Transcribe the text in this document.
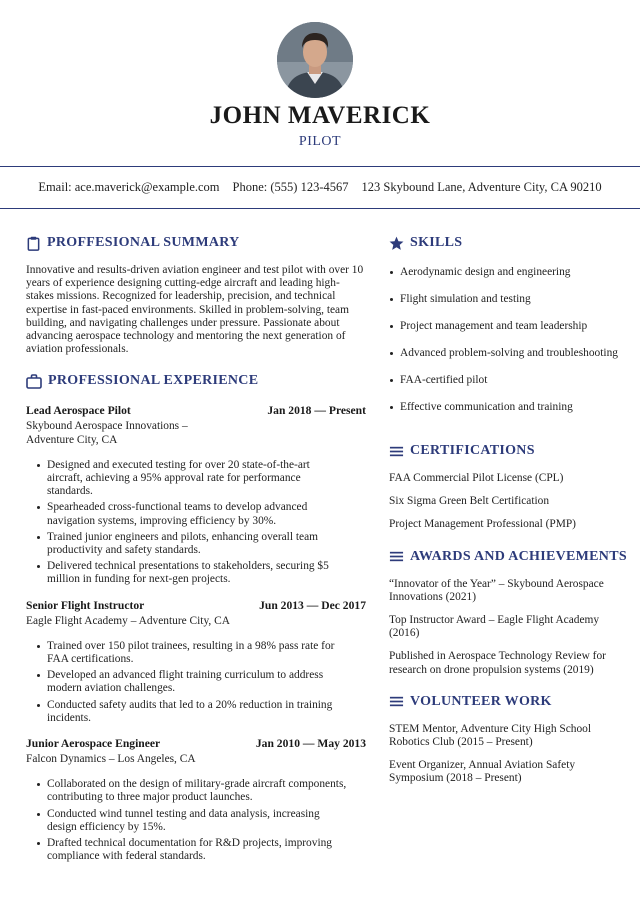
JOHN MAVERICK
PILOT
Email: ace.maverick@example.com Phone: (555) 123-4567 123 Skybound Lane, Adventure City, CA 90210
PROFFESIONAL SUMMARY

Innovative and results-driven aviation engineer and test pilot with over 10 years of experience designing cutting-edge aircraft and leading high-stakes missions. Recognized for leadership, precision, and technical expertise in fast-paced environments. Skilled in problem-solving, team building, and navigating challenges under pressure. Passionate about advancing aerospace technology and mentoring the next generation of aviation professionals.

PROFESSIONAL EXPERIENCE
Lead Aerospace Pilot	Jan 2018 — Present
Skybound Aerospace Innovations – Adventure City, CA
Designed and executed testing for over 20 state-of-the-art aircraft, achieving a 95% approval rate for performance standards.
Spearheaded cross-functional teams to develop advanced navigation systems, improving efficiency by 30%.
Trained junior engineers and pilots, enhancing overall team productivity and safety standards.
Delivered technical presentations to stakeholders, securing $5 million in funding for next-gen projects.
Senior Flight Instructor	Jun 2013 — Dec 2017
Eagle Flight Academy – Adventure City, CA
Trained over 150 pilot trainees, resulting in a 98% pass rate for FAA certifications.
Developed an advanced flight training curriculum to address modern aviation challenges.
Conducted safety audits that led to a 20% reduction in training incidents.
Junior Aerospace Engineer	Jan 2010 — May 2013
Falcon Dynamics – Los Angeles, CA
Collaborated on the design of military-grade aircraft components, contributing to three major product launches.
Conducted wind tunnel testing and data analysis, increasing design efficiency by 15%.
Drafted technical documentation for R&D projects, improving compliance with federal standards.
SKILLS
Aerodynamic design and engineering
Flight simulation and testing
Project management and team leadership
Advanced problem-solving and troubleshooting
FAA-certified pilot
Effective communication and training
CERTIFICATIONS
FAA Commercial Pilot License (CPL)
Six Sigma Green Belt Certification
Project Management Professional (PMP)
AWARDS AND ACHIEVEMENTS
“Innovator of the Year” – Skybound Aerospace Innovations (2021)
Top Instructor Award – Eagle Flight Academy (2016)
Published in Aerospace Technology Review for research on drone propulsion systems (2019)
VOLUNTEER WORK
STEM Mentor, Adventure City High School Robotics Club (2015 – Present)
Event Organizer, Annual Aviation Safety Symposium (2018 – Present)
